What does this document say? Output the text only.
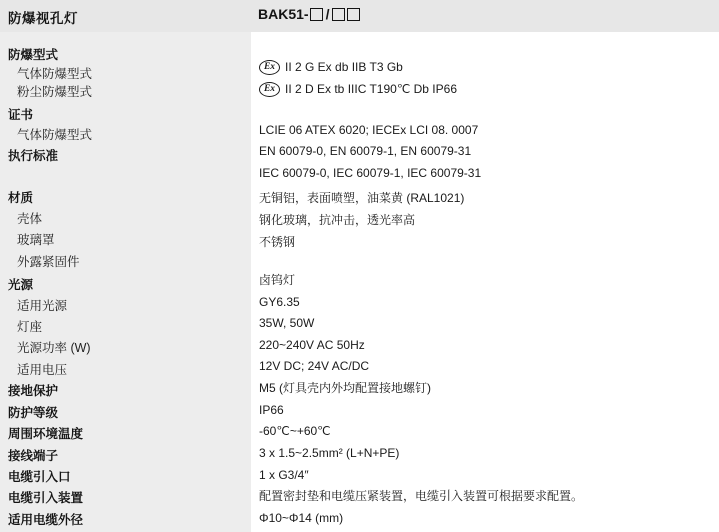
防爆视孔灯	BAK51- /
防爆型式
气体防爆型式
粉尘防爆型式
证书
气体防爆型式
执行标准
材质
壳体
玻璃罩
外露紧固件
光源
适用光源
灯座
光源功率 (W)
适用电压
接地保护
防护等级
周围环境温度
接线端子
电缆引入口
电缆引入装置
适用电缆外径
Ex II 2 G Ex db IIB T3 Gb
Ex II 2 D Ex tb IIIC T190℃ Db IP66
LCIE 06 ATEX 6020; IECEx LCI 08. 0007
EN 60079-0, EN 60079-1, EN 60079-31
IEC 60079-0, IEC 60079-1, IEC 60079-31
无铜铝，表面喷塑，油菜黄 (RAL1021)
钢化玻璃，抗冲击，透光率高
不锈钢
卤钨灯
GY6.35
35W, 50W
220~240V AC 50Hz
12V DC; 24V AC/DC
M5 (灯具壳内外均配置接地螺钉)
IP66
-60℃~+60℃
3 x 1.5~2.5mm² (L+N+PE)
1 x G3/4″
配置密封垫和电缆压紧装置，电缆引入装置可根据要求配置。
Φ10~Φ14 (mm)
